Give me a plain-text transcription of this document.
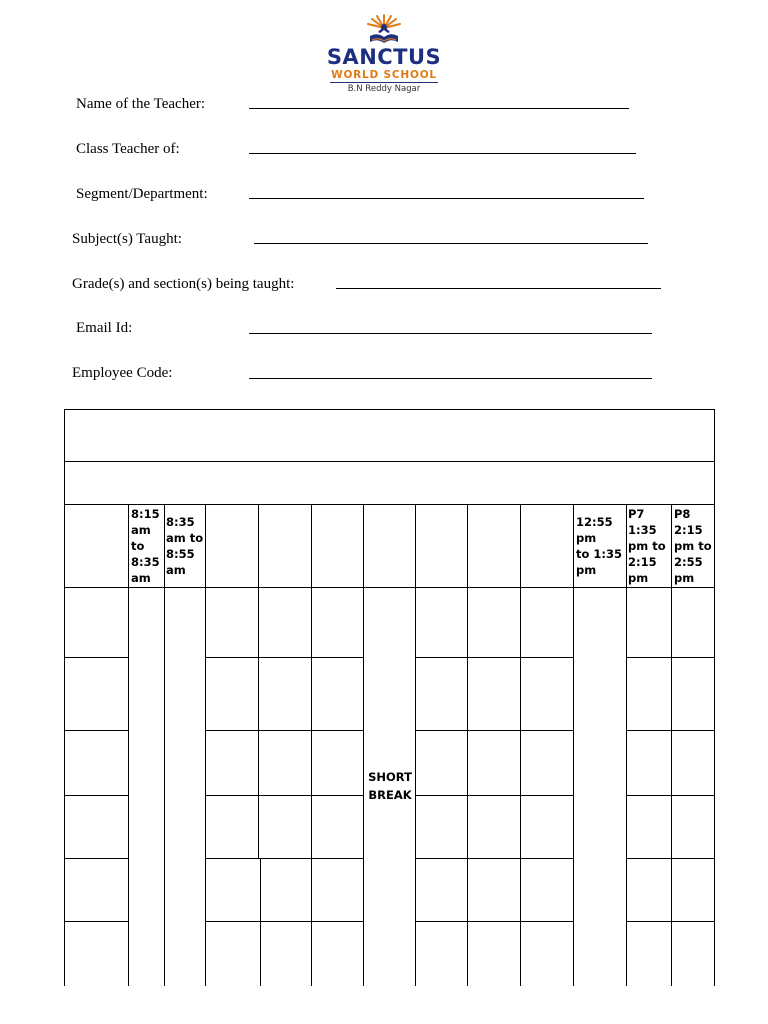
SANCTUS
WORLD SCHOOL
B.N Reddy Nagar
Name of the Teacher:
Class Teacher of:
Segment/Department:
Subject(s) Taught:
Grade(s) and section(s) being taught:
Email Id:
Employee Code:
8:15
am
to
8:35
am
8:35
am to
8:55
am
12:55
pm
to 1:35
pm
P7
1:35
pm to
2:15
pm
P8
2:15
pm to
2:55
pm
SHORT
BREAK
